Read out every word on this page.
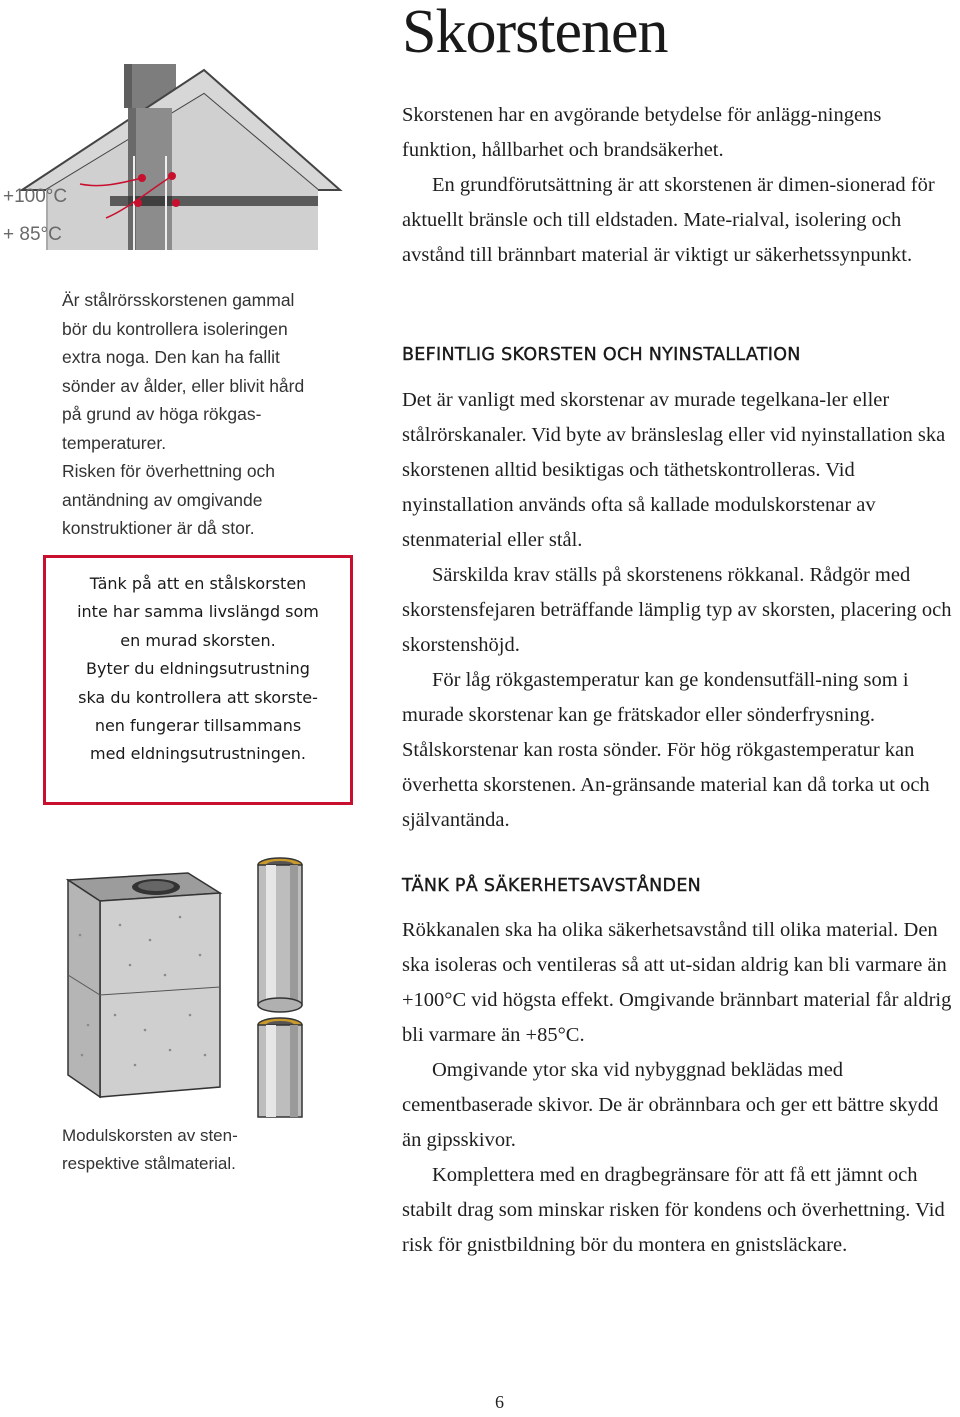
Skorstenen
+100°C
+ 85°C

Är stålrörsskorstenen gammal

bör du kontrollera isoleringen

extra noga. Den kan ha fallit

sönder av ålder, eller blivit hård

på grund av höga rökgas-

temperaturer.

Risken för överhettning och

antändning av omgivande

konstruktioner är då stor.

Tänk på att en stålskorsten

inte har samma livslängd som

en murad skorsten.

Byter du eldningsutrustning

ska du kontrollera att skorste-

nen fungerar tillsammans

med eldningsutrustningen.

Modulskorsten av sten-
respektive stålmaterial.

Skorstenen har en avgörande betydelse för anlägg-ningens funktion, hållbarhet och brandsäkerhet.

En grundförutsättning är att skorstenen är dimen-sionerad för aktuellt bränsle och till eldstaden. Mate-rialval, isolering och avstånd till brännbart material är viktigt ur säkerhetssynpunkt.

BEFINTLIG SKORSTEN OCH NYINSTALLATION

Det är vanligt med skorstenar av murade tegelkana-ler eller stålrörskanaler. Vid byte av bränsleslag eller vid nyinstallation ska skorstenen alltid besiktigas och täthetskontrolleras. Vid nyinstallation används ofta så kallade modulskorstenar av stenmaterial eller stål.

Särskilda krav ställs på skorstenens rökkanal. Rådgör med skorstensfejaren beträffande lämplig typ av skorsten, placering och skorstenshöjd.

För låg rökgastemperatur kan ge kondensutfäll-ning som i murade skorstenar kan ge frätskador eller sönderfrysning. Stålskorstenar kan rosta sönder. För hög rökgastemperatur kan överhetta skorstenen. An-gränsande material kan då torka ut och självantända.

TÄNK PÅ SÄKERHETSAVSTÅNDEN

Rökkanalen ska ha olika säkerhetsavstånd till olika material. Den ska isoleras och ventileras så att ut-sidan aldrig kan bli varmare än +100°C vid högsta effekt. Omgivande brännbart material får aldrig bli varmare än +85°C.

Omgivande ytor ska vid nybyggnad beklädas med cementbaserade skivor. De är obrännbara och ger ett bättre skydd än gipsskivor.

Komplettera med en dragbegränsare för att få ett jämnt och stabilt drag som minskar risken för kondens och överhettning. Vid risk för gnistbildning bör du montera en gnistsläckare.

6
